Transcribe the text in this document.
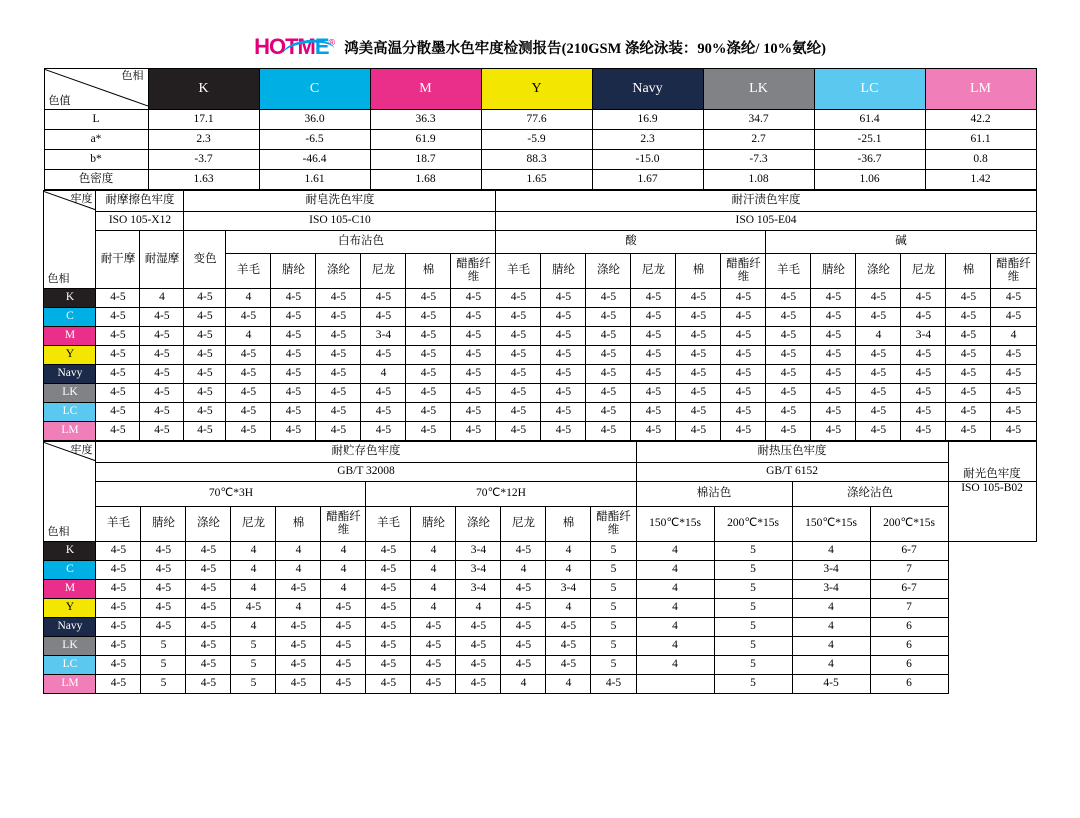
HOTME® 鸿美高温分散墨水色牢度检测报告(210GSM 涤纶泳装：90%涤纶/ 10%氨纶)
色相
色值	K	C	M	Y	Navy	LK	LC	LM
L	17.1	36.0	36.3	77.6	16.9	34.7	61.4	42.2
a*	2.3	-6.5	61.9	-5.9	2.3	2.7	-25.1	61.1
b*	-3.7	-46.4	18.7	88.3	-15.0	-7.3	-36.7	0.8
色密度	1.63	1.61	1.68	1.65	1.67	1.08	1.06	1.42
牢度
色相	耐摩擦色牢度		耐皂洗色牢度							耐汗渍色牢度											
	ISO 105-X12		ISO 105-C10							ISO 105-E04											
	耐干摩	耐湿摩	变色	白布沾色						酸						碱					
				羊毛	腈纶	涤纶	尼龙	棉	醋酯纤维	羊毛	腈纶	涤纶	尼龙	棉	醋酯纤维	羊毛	腈纶	涤纶	尼龙	棉	醋酯纤维
K	4-5	4	4-5	4	4-5	4-5	4-5	4-5	4-5	4-5	4-5	4-5	4-5	4-5	4-5	4-5	4-5	4-5	4-5	4-5	4-5
C	4-5	4-5	4-5	4-5	4-5	4-5	4-5	4-5	4-5	4-5	4-5	4-5	4-5	4-5	4-5	4-5	4-5	4-5	4-5	4-5	4-5
M	4-5	4-5	4-5	4	4-5	4-5	3-4	4-5	4-5	4-5	4-5	4-5	4-5	4-5	4-5	4-5	4-5	4	3-4	4-5	4
Y	4-5	4-5	4-5	4-5	4-5	4-5	4-5	4-5	4-5	4-5	4-5	4-5	4-5	4-5	4-5	4-5	4-5	4-5	4-5	4-5	4-5
Navy	4-5	4-5	4-5	4-5	4-5	4-5	4	4-5	4-5	4-5	4-5	4-5	4-5	4-5	4-5	4-5	4-5	4-5	4-5	4-5	4-5
LK	4-5	4-5	4-5	4-5	4-5	4-5	4-5	4-5	4-5	4-5	4-5	4-5	4-5	4-5	4-5	4-5	4-5	4-5	4-5	4-5	4-5
LC	4-5	4-5	4-5	4-5	4-5	4-5	4-5	4-5	4-5	4-5	4-5	4-5	4-5	4-5	4-5	4-5	4-5	4-5	4-5	4-5	4-5
LM	4-5	4-5	4-5	4-5	4-5	4-5	4-5	4-5	4-5	4-5	4-5	4-5	4-5	4-5	4-5	4-5	4-5	4-5	4-5	4-5	4-5
牢度
色相	耐贮存色牢度												耐热压色牢度				耐光色牢度
	GB/T 32008												GB/T 6152				
	70℃*3H						70℃*12H						棉沾色		涤纶沾色		ISO 105-B02
	羊毛	腈纶	涤纶	尼龙	棉	醋酯纤维	羊毛	腈纶	涤纶	尼龙	棉	醋酯纤维	150℃*15s	200℃*15s	150℃*15s	200℃*15s	
K	4-5	4-5	4-5	4	4	4	4-5	4	3-4	4-5	4	5	4	5	4	6-7	
C	4-5	4-5	4-5	4	4	4	4-5	4	3-4	4	4	5	4	5	3-4	7	
M	4-5	4-5	4-5	4	4-5	4	4-5	4	3-4	4-5	3-4	5	4	5	3-4	6-7	
Y	4-5	4-5	4-5	4-5	4	4-5	4-5	4	4	4-5	4	5	4	5	4	7	
Navy	4-5	4-5	4-5	4	4-5	4-5	4-5	4-5	4-5	4-5	4-5	5	4	5	4	6	
LK	4-5	5	4-5	5	4-5	4-5	4-5	4-5	4-5	4-5	4-5	5	4	5	4	6	
LC	4-5	5	4-5	5	4-5	4-5	4-5	4-5	4-5	4-5	4-5	5	4	5	4	6	
LM	4-5	5	4-5	5	4-5	4-5	4-5	4-5	4-5	4	4	4-5		5	4-5	6	
